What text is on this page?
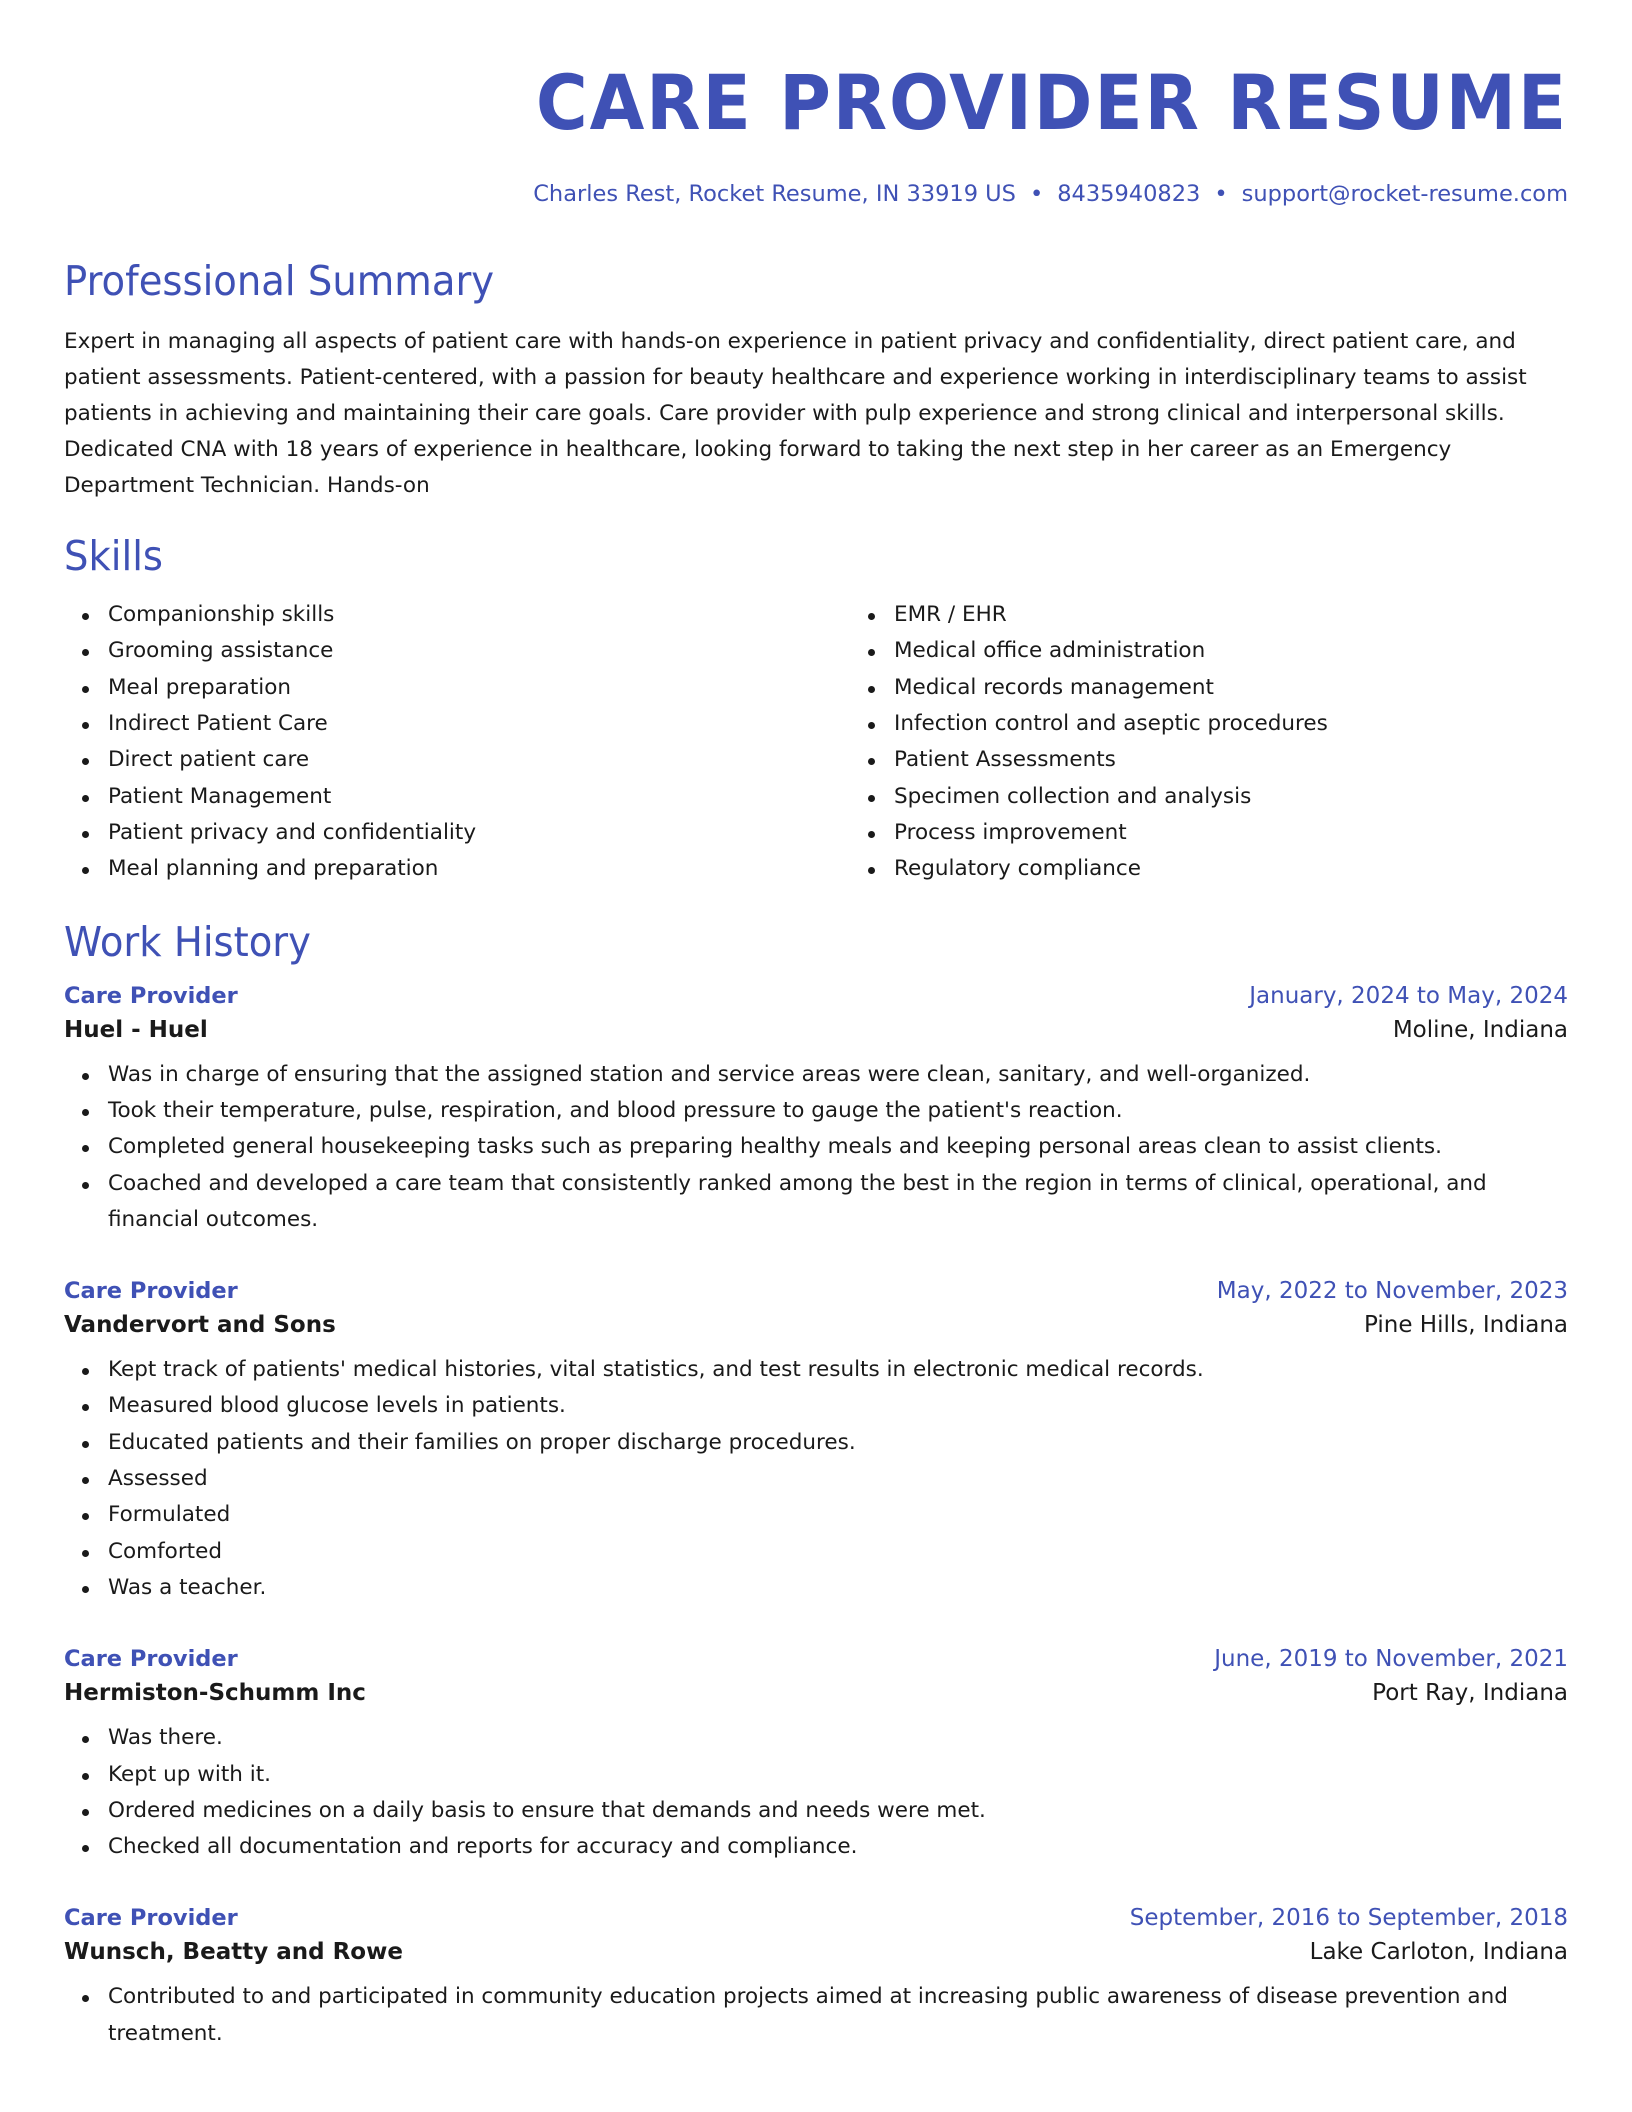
CARE PROVIDER RESUME
Charles Rest, Rocket Resume, IN 33919 US • 8435940823 • support@rocket-resume.com
Professional Summary
Expert in managing all aspects of patient care with hands-on experience in patient privacy and confidentiality, direct patient care, and patient assessments. Patient-centered, with a passion for beauty healthcare and experience working in interdisciplinary teams to assist patients in achieving and maintaining their care goals. Care provider with pulp experience and strong clinical and interpersonal skills. Dedicated CNA with 18 years of experience in healthcare, looking forward to taking the next step in her career as an Emergency Department Technician. Hands-on
Skills
Companionship skills
Grooming assistance
Meal preparation
Indirect Patient Care
Direct patient care
Patient Management
Patient privacy and confidentiality
Meal planning and preparation
EMR / EHR
Medical office administration
Medical records management
Infection control and aseptic procedures
Patient Assessments
Specimen collection and analysis
Process improvement
Regulatory compliance
Work History
Care Provider	January, 2024 to May, 2024
Huel - Huel	Moline, Indiana
Was in charge of ensuring that the assigned station and service areas were clean, sanitary, and well-organized.
Took their temperature, pulse, respiration, and blood pressure to gauge the patient's reaction.
Completed general housekeeping tasks such as preparing healthy meals and keeping personal areas clean to assist clients.
Coached and developed a care team that consistently ranked among the best in the region in terms of clinical, operational, and financial outcomes.
Care Provider	May, 2022 to November, 2023
Vandervort and Sons	Pine Hills, Indiana
Kept track of patients' medical histories, vital statistics, and test results in electronic medical records.
Measured blood glucose levels in patients.
Educated patients and their families on proper discharge procedures.
Assessed
Formulated
Comforted
Was a teacher.
Care Provider	June, 2019 to November, 2021
Hermiston-Schumm Inc	Port Ray, Indiana
Was there.
Kept up with it.
Ordered medicines on a daily basis to ensure that demands and needs were met.
Checked all documentation and reports for accuracy and compliance.
Care Provider	September, 2016 to September, 2018
Wunsch, Beatty and Rowe	Lake Carloton, Indiana
Contributed to and participated in community education projects aimed at increasing public awareness of disease prevention and treatment.
